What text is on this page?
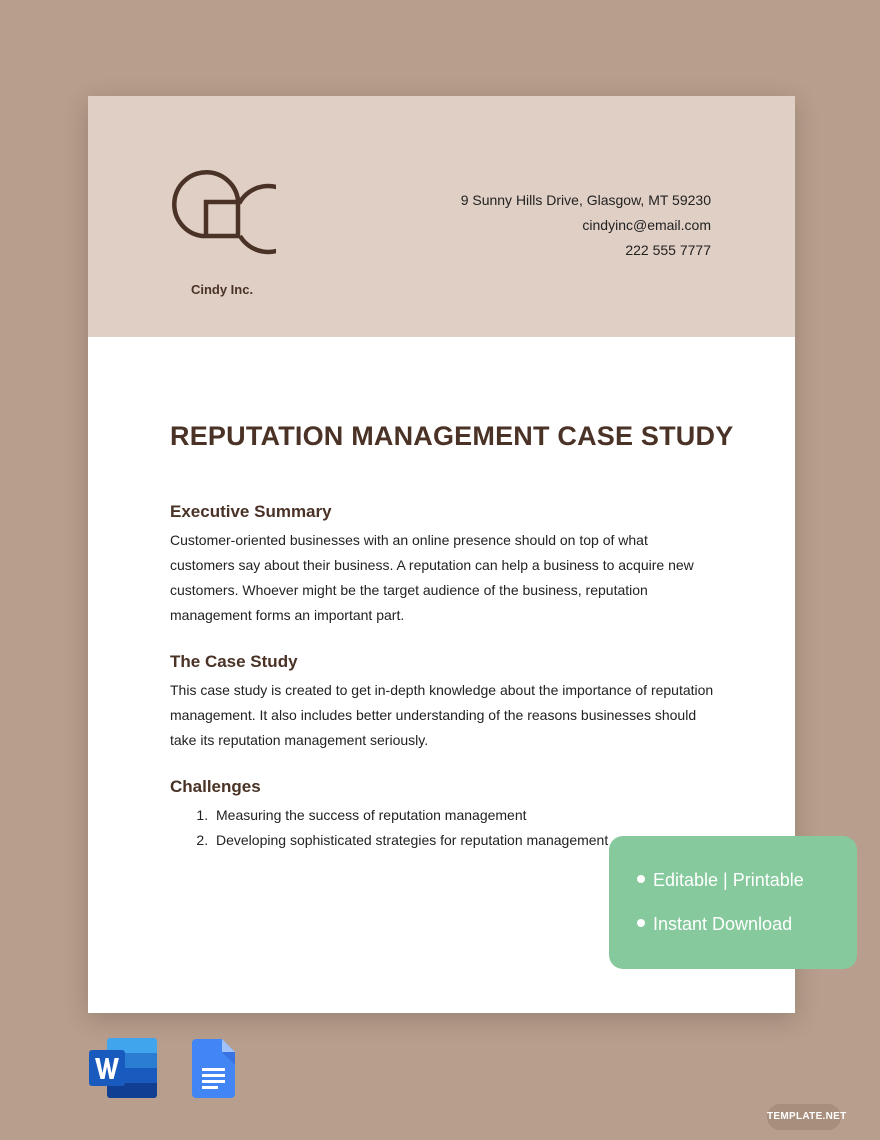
Cindy Inc.
9 Sunny Hills Drive, Glasgow, MT 59230
cindyinc@email.com
222 555 7777
REPUTATION MANAGEMENT CASE STUDY
Executive Summary

Customer-oriented businesses with an online presence should on top of what customers say about their business. A reputation can help a business to acquire new customers. Whoever might be the target audience of the business, reputation management forms an important part.

The Case Study

This case study is created to get in-depth knowledge about the importance of reputation management. It also includes better understanding of the reasons businesses should take its reputation management seriously.

Challenges
1. Measuring the success of reputation management
2. Developing sophisticated strategies for reputation management
Editable | Printable
Instant Download
TEMPLATE.NET
